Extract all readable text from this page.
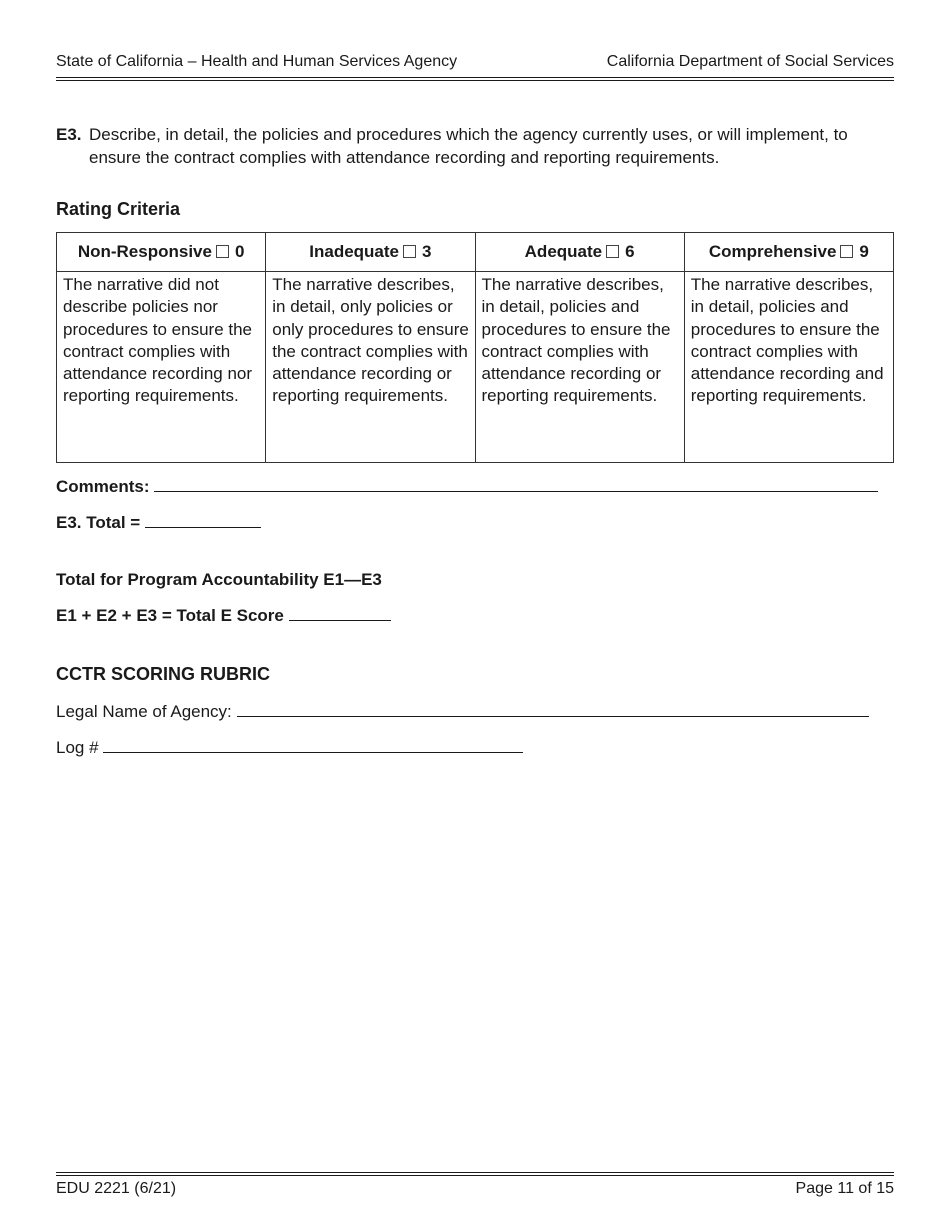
State of California – Health and Human Services Agency	California Department of Social Services
E3. Describe, in detail, the policies and procedures which the agency currently uses, or will implement, to ensure the contract complies with attendance recording and reporting requirements.
Rating Criteria
Non-Responsive 0	Inadequate 3	Adequate 6	Comprehensive 9
The narrative did not describe policies nor procedures to ensure the contract complies with attendance recording nor reporting requirements.	The narrative describes, in detail, only policies or only procedures to ensure the contract complies with attendance recording or reporting requirements.	The narrative describes, in detail, policies and procedures to ensure the contract complies with attendance recording or reporting requirements.	The narrative describes, in detail, policies and procedures to ensure the contract complies with attendance recording and reporting requirements.
Comments:
E3. Total =
Total for Program Accountability E1—E3
E1 + E2 + E3 = Total E Score
CCTR SCORING RUBRIC
Legal Name of Agency:
Log #
EDU 2221 (6/21)	Page 11 of 15
